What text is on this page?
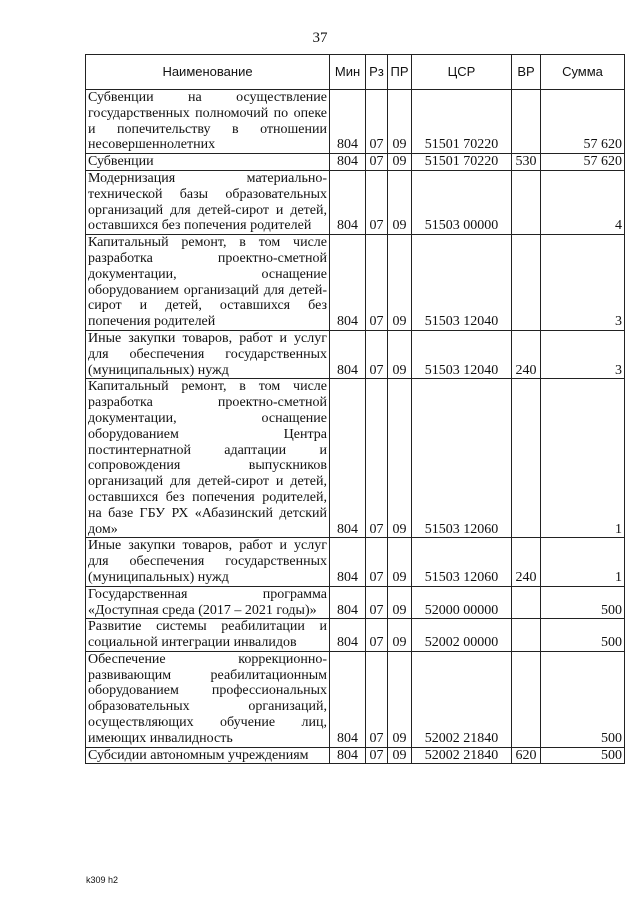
37
Наименование	Мин	Рз	ПР	ЦСР	ВР	Сумма
Субвенции на осуществление государственных полномочий по опеке и попечительству в отношении несовершеннолетних	804	07	09	51501 70220		57 620
Субвенции	804	07	09	51501 70220	530	57 620
Модернизация материально-технической базы образовательных организаций для детей-сирот и детей, оставшихся без попечения родителей	804	07	09	51503 00000		4
Капитальный ремонт, в том числе разработка проектно-сметной документации, оснащение оборудованием организаций для детей-сирот и детей, оставшихся без попечения родителей	804	07	09	51503 12040		3
Иные закупки товаров, работ и услуг для обеспечения государственных (муниципальных) нужд	804	07	09	51503 12040	240	3
Капитальный ремонт, в том числе разработка проектно-сметной документации, оснащение оборудованием Центра постинтернатной адаптации и сопровождения выпускников организаций для детей-сирот и детей, оставшихся без попечения родителей, на базе ГБУ РХ «Абазинский детский дом»	804	07	09	51503 12060		1
Иные закупки товаров, работ и услуг для обеспечения государственных (муниципальных) нужд	804	07	09	51503 12060	240	1
Государственная программа «Доступная среда (2017 – 2021 годы)»	804	07	09	52000 00000		500
Развитие системы реабилитации и социальной интеграции инвалидов	804	07	09	52002 00000		500
Обеспечение коррекционно-развивающим реабилитационным оборудованием профессиональных образовательных организаций, осуществляющих обучение лиц, имеющих инвалидность	804	07	09	52002 21840		500
Субсидии автономным учреждениям	804	07	09	52002 21840	620	500
k309 h2
